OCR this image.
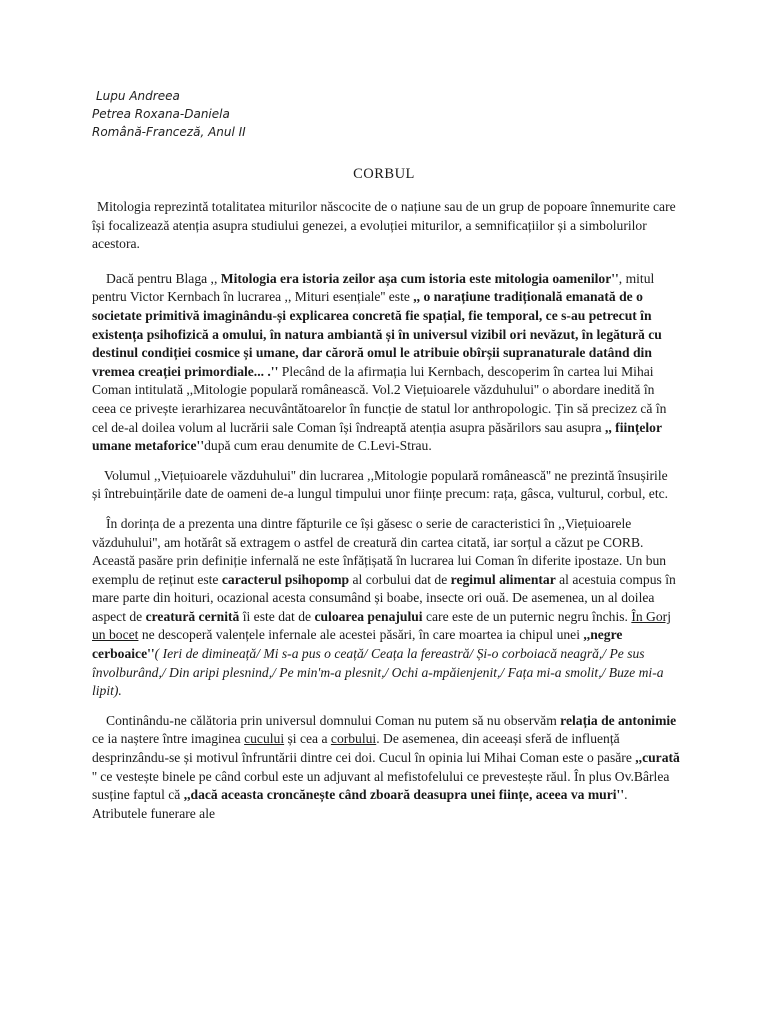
Lupu Andreea
Petrea Roxana-Daniela
Română-Franceză, Anul II
CORBUL

Mitologia reprezintă totalitatea miturilor născocite de o națiune sau de un grup de popoare înnemurite care își focalizează atenția asupra studiului genezei, a evoluției miturilor, a semnificațiilor și a simbolurilor acestora.

Dacă pentru Blaga ,, Mitologia era istoria zeilor așa cum istoria este mitologia oamenilor'', mitul pentru Victor Kernbach în lucrarea ,, Mituri esențiale'' este ,, o narațiune tradițională emanată de o societate primitivă imaginându-și explicarea concretă fie spațial, fie temporal, ce s-au petrecut în existența psihofizică a omului, în natura ambiantă și în universul vizibil ori nevăzut, în legătură cu destinul condiției cosmice și umane, dar căroră omul le atribuie obîrșii supranaturale datând din vremea creației primordiale... .'' Plecând de la afirmația lui Kernbach, descoperim în cartea lui Mihai Coman intitulată ,,Mitologie populară românească. Vol.2 Viețuioarele văzduhului'' o abordare inedită în ceea ce privește ierarhizarea necuvântătoarelor în funcție de statul lor anthropologic. Țin să precizez că în cel de-al doilea volum al lucrării sale Coman își îndreaptă atenția asupra păsărilors sau asupra ,, ființelor umane metaforice''după cum erau denumite de C.Levi-Strau.

Volumul ,,Viețuioarele văzduhului'' din lucrarea ,,Mitologie populară românească'' ne prezintă însușirile și întrebuințările date de oameni de-a lungul timpului unor ființe precum: rața, gâsca, vulturul, corbul, etc.

În dorința de a prezenta una dintre făpturile ce își găsesc o serie de caracteristici în ,,Viețuioarele văzduhului'', am hotărât să extragem o astfel de creatură din cartea citată, iar sorțul a căzut pe CORB. Această pasăre prin definiție infernală ne este înfățișată în lucrarea lui Coman în diferite ipostaze. Un bun exemplu de reținut este caracterul psihopomp al corbului dat de regimul alimentar al acestuia compus în mare parte din hoituri, ocazional acesta consumând și boabe, insecte ori ouă. De asemenea, un al doilea aspect de creatură cernită îi este dat de culoarea penajului care este de un puternic negru închis. În Gorj un bocet ne descoperă valențele infernale ale acestei păsări, în care moartea ia chipul unei ,,negre cerboaice''( Ieri de dimineață/ Mi s-a pus o ceață/ Ceața la fereastră/ Și-o corboiacă neagră,/ Pe sus învolburând,/ Din aripi plesnind,/ Pe min'm-a plesnit,/ Ochi a-mpăienjenit,/ Fața mi-a smolit,/ Buze mi-a lipit).

Continându-ne călătoria prin universul domnului Coman nu putem să nu observăm relația de antonimie ce ia naștere între imaginea cucului și cea a corbului. De asemenea, din aceeași sferă de influență desprinzându-se și motivul înfruntării dintre cei doi. Cucul în opinia lui Mihai Coman este o pasăre ,,curată '' ce vestește binele pe când corbul este un adjuvant al mefistofelului ce prevestește răul. În plus Ov.Bârlea susține faptul că ,,dacă aceasta croncănește când zboară deasupra unei ființe, aceea va muri''. Atributele funerare ale
